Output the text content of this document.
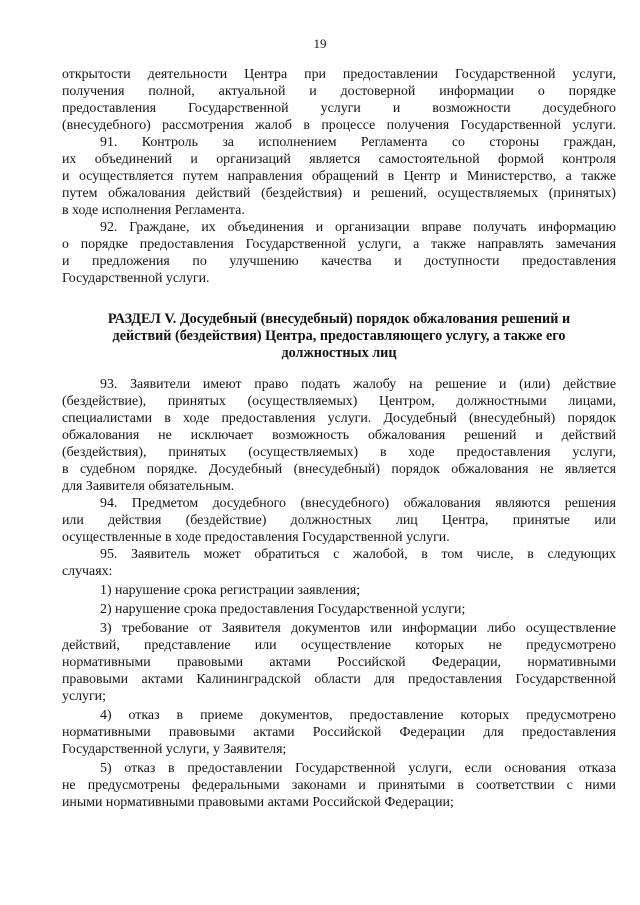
19
открытости деятельности Центра при предоставлении Государственной услуги,
получения полной, актуальной и достоверной информации о порядке
предоставления Государственной услуги и возможности досудебного
(внесудебного) рассмотрения жалоб в процессе получения Государственной услуги.
91. Контроль за исполнением Регламента со стороны граждан,
их объединений и организаций является самостоятельной формой контроля
и осуществляется путем направления обращений в Центр и Министерство, а также
путем обжалования действий (бездействия) и решений, осуществляемых (принятых)
в ходе исполнения Регламента.
92. Граждане, их объединения и организации вправе получать информацию
о порядке предоставления Государственной услуги, а также направлять замечания
и предложения по улучшению качества и доступности предоставления
Государственной услуги.
РАЗДЕЛ V. Досудебный (внесудебный) порядок обжалования решений и
действий (бездействия) Центра, предоставляющего услугу, а также его
должностных лиц
93. Заявители имеют право подать жалобу на решение и (или) действие
(бездействие), принятых (осуществляемых) Центром, должностными лицами,
специалистами в ходе предоставления услуги. Досудебный (внесудебный) порядок
обжалования не исключает возможность обжалования решений и действий
(бездействия), принятых (осуществляемых) в ходе предоставления услуги,
в судебном порядке. Досудебный (внесудебный) порядок обжалования не является
для Заявителя обязательным.
94. Предметом досудебного (внесудебного) обжалования являются решения
или действия (бездействие) должностных лиц Центра, принятые или
осуществленные в ходе предоставления Государственной услуги.
95. Заявитель может обратиться с жалобой, в том числе, в следующих
случаях:
1) нарушение срока регистрации заявления;
2) нарушение срока предоставления Государственной услуги;
3) требование от Заявителя документов или информации либо осуществление
действий, представление или осуществление которых не предусмотрено
нормативными правовыми актами Российской Федерации, нормативными
правовыми актами Калининградской области для предоставления Государственной
услуги;
4) отказ в приеме документов, предоставление которых предусмотрено
нормативными правовыми актами Российской Федерации для предоставления
Государственной услуги, у Заявителя;
5) отказ в предоставлении Государственной услуги, если основания отказа
не предусмотрены федеральными законами и принятыми в соответствии с ними
иными нормативными правовыми актами Российской Федерации;
